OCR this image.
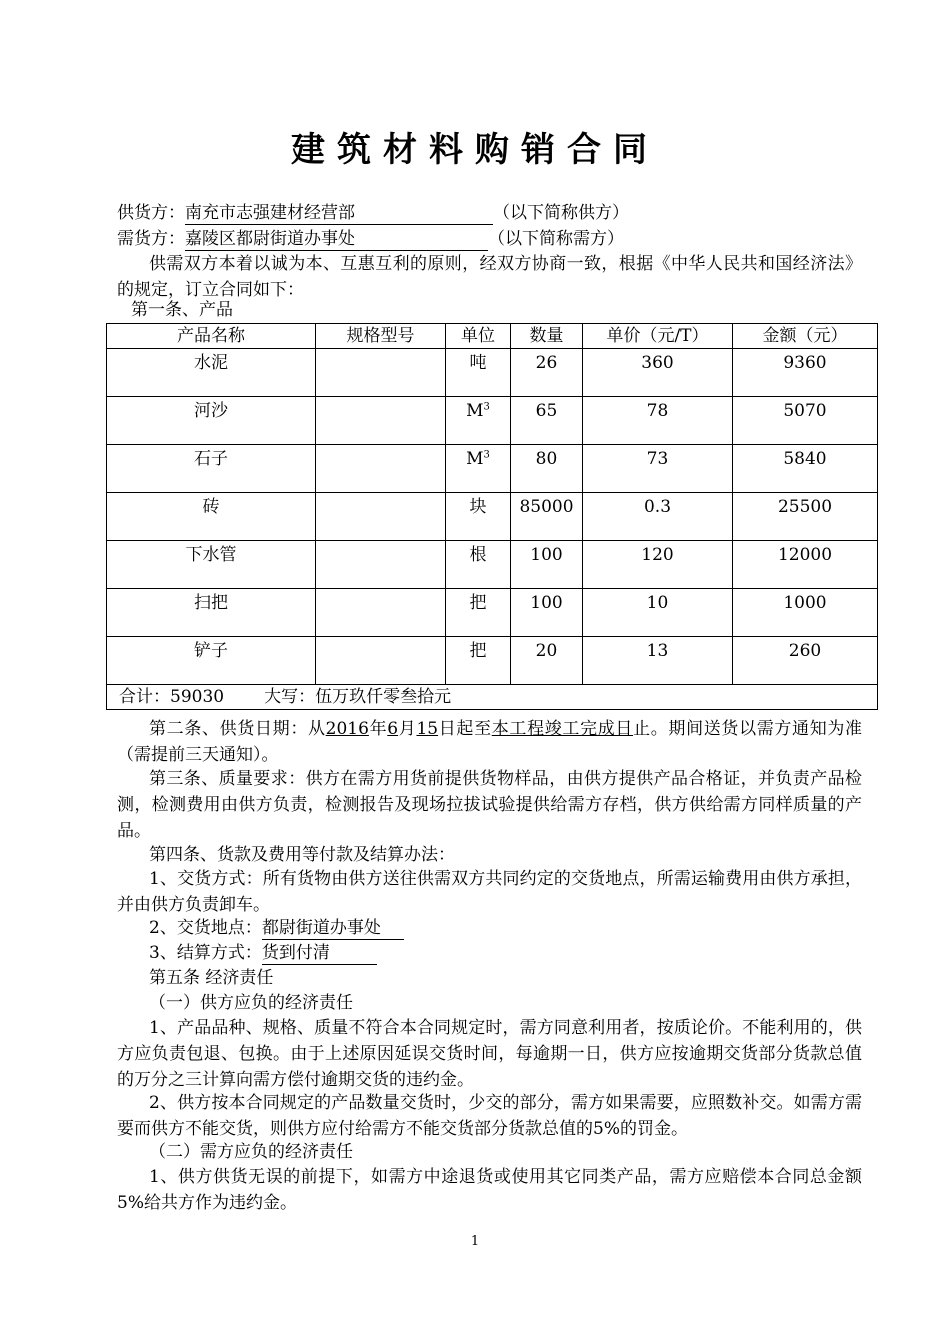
建筑材料购销合同
供货方：南充市志强建材经营部	（以下简称供方）
需货方：嘉陵区都尉街道办事处	（以下简称需方）
供需双方本着以诚为本、互惠互利的原则，经双方协商一致，根据《中华人民共和国经济法》的规定，订立合同如下：
第一条、产品
产品名称	规格型号	单位	数量	单价（元/T）	金额（元）
水泥		吨	26	360	9360
河沙		$M^3$	65	78	5070
石子		$M^3$	80	73	5840
砖		块	85000	0.3	25500
下水管		根	100	120	12000
扫把		把	100	10	1000
铲子		把	20	13	260
合计：59030 大写：伍万玖仟零叁拾元					
第二条、供货日期：从2016年6月15日起至本工程竣工完成日止。期间送货以需方通知为准（需提前三天通知）。
第三条、质量要求：供方在需方用货前提供货物样品，由供方提供产品合格证，并负责产品检测，检测费用由供方负责，检测报告及现场拉拔试验提供给需方存档，供方供给需方同样质量的产品。
第四条、货款及费用等付款及结算办法：
1、交货方式：所有货物由供方送往供需双方共同约定的交货地点，所需运输费用由供方承担，并由供方负责卸车。
2、交货地点：都尉街道办事处
3、结算方式：货到付清
第五条 经济责任
（一）供方应负的经济责任
1、产品品种、规格、质量不符合本合同规定时，需方同意利用者，按质论价。不能利用的，供方应负责包退、包换。由于上述原因延误交货时间，每逾期一日，供方应按逾期交货部分货款总值的万分之三计算向需方偿付逾期交货的违约金。
2、供方按本合同规定的产品数量交货时，少交的部分，需方如果需要，应照数补交。如需方需要而供方不能交货，则供方应付给需方不能交货部分货款总值的5%的罚金。
（二）需方应负的经济责任
1、供方供货无误的前提下，如需方中途退货或使用其它同类产品，需方应赔偿本合同总金额5%给共方作为违约金。
1
